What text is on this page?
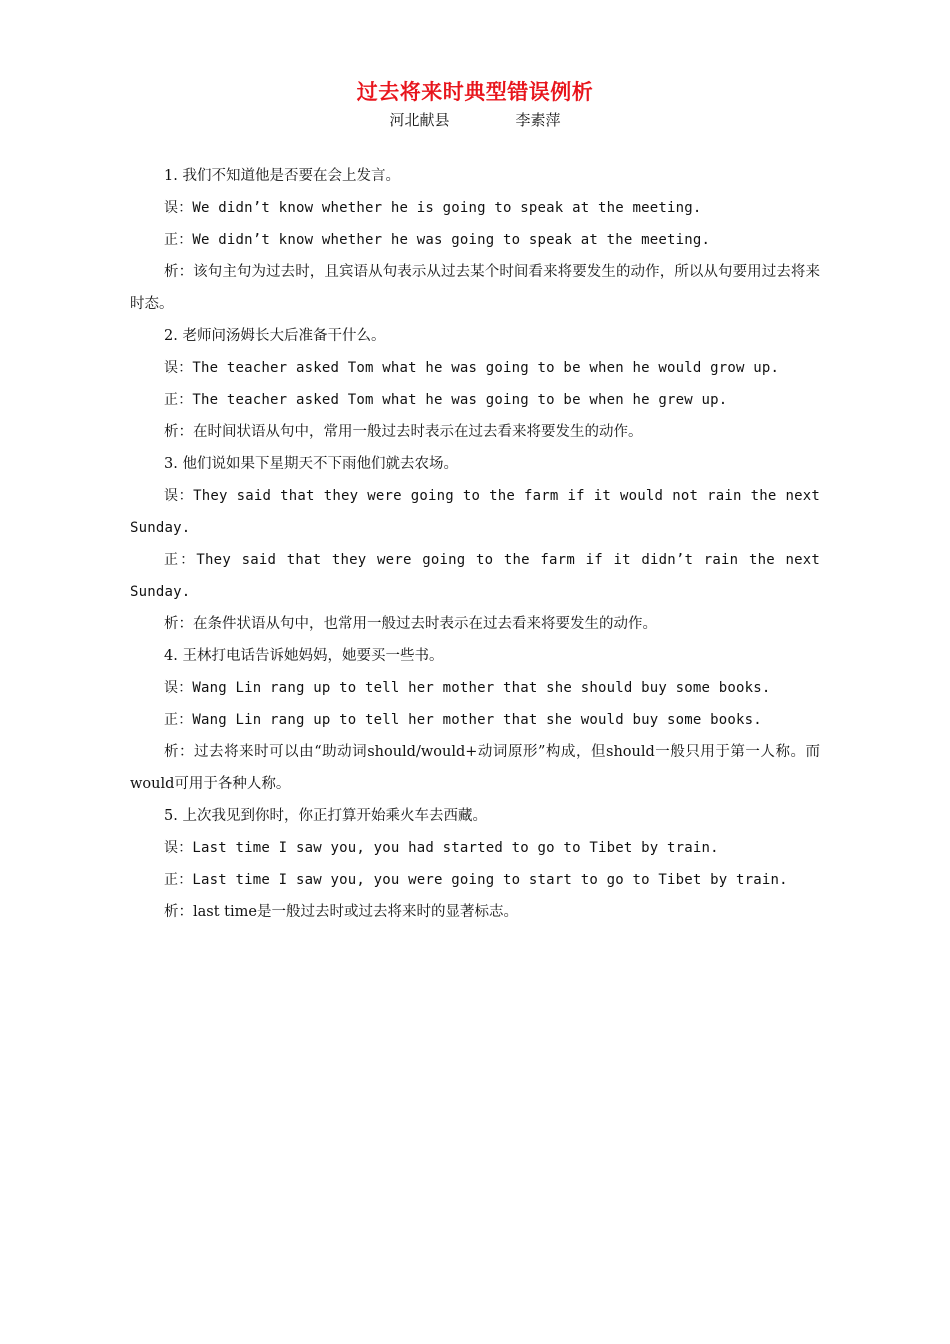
过去将来时典型错误例析

河北献县	李素萍

1. 我们不知道他是否要在会上发言。

误：We didn’t know whether he is going to speak at the meeting.

正：We didn’t know whether he was going to speak at the meeting.

析：该句主句为过去时，且宾语从句表示从过去某个时间看来将要发生的动作，所以从句要用过去将来时态。

2. 老师问汤姆长大后准备干什么。

误：The teacher asked Tom what he was going to be when he would grow up.

正：The teacher asked Tom what he was going to be when he grew up.

析：在时间状语从句中，常用一般过去时表示在过去看来将要发生的动作。

3. 他们说如果下星期天不下雨他们就去农场。

误：They said that they were going to the farm if it would not rain the next Sunday.

正：They said that they were going to the farm if it didn’t rain the next Sunday.

析：在条件状语从句中，也常用一般过去时表示在过去看来将要发生的动作。

4. 王林打电话告诉她妈妈，她要买一些书。

误：Wang Lin rang up to tell her mother that she should buy some books.

正：Wang Lin rang up to tell her mother that she would buy some books.

析：过去将来时可以由“助动词should/would+动词原形”构成，但should一般只用于第一人称。而would可用于各种人称。

5. 上次我见到你时，你正打算开始乘火车去西藏。

误：Last time I saw you, you had started to go to Tibet by train.

正：Last time I saw you, you were going to start to go to Tibet by train.

析：last time是一般过去时或过去将来时的显著标志。
